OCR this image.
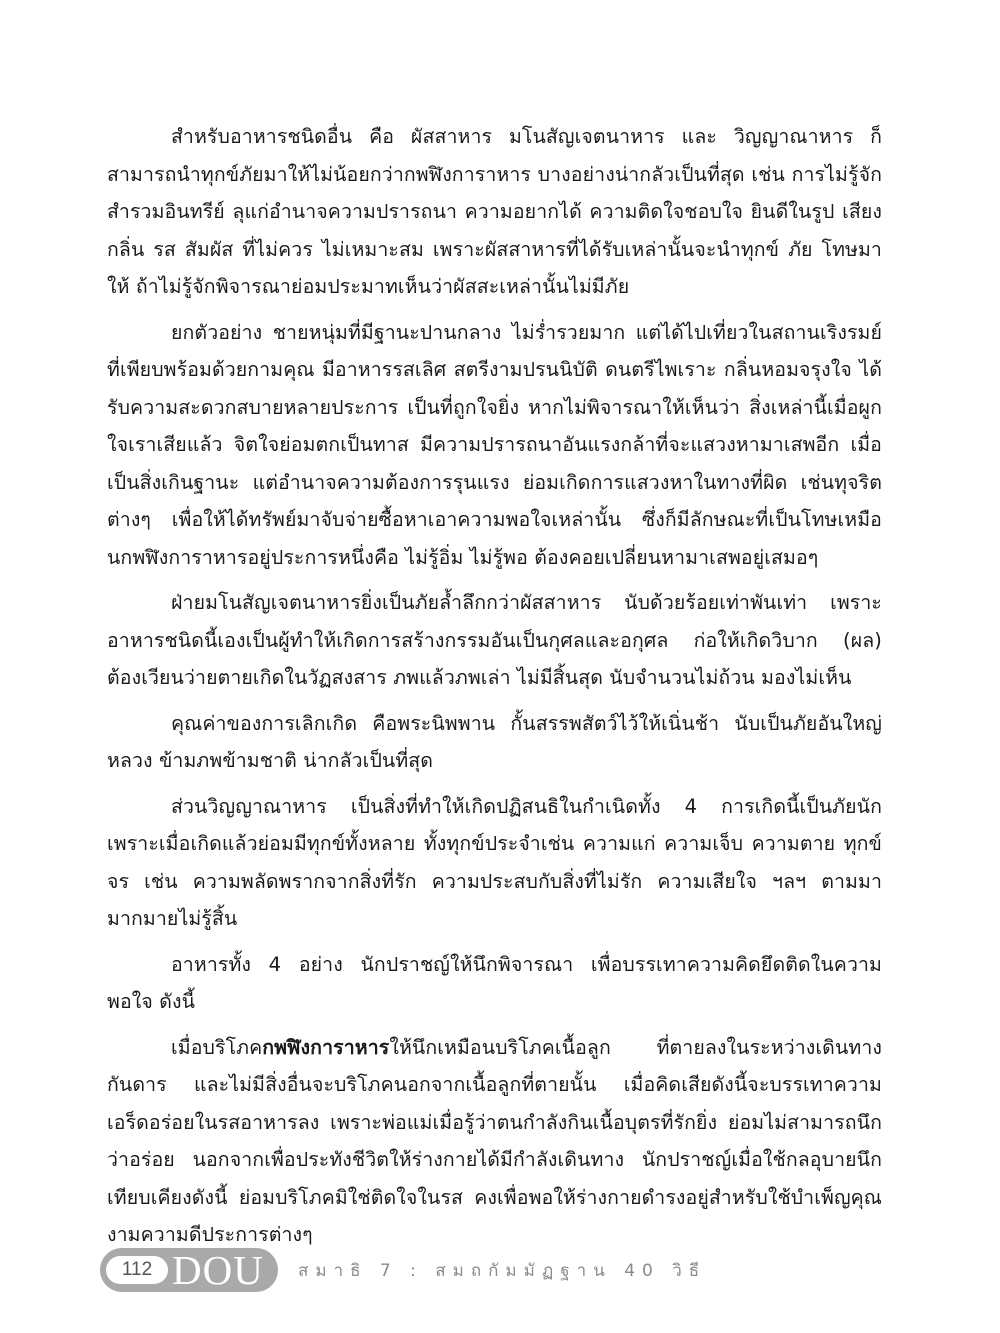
สำหรับอาหารชนิดอื่น คือ ผัสสาหาร มโนสัญเจตนาหาร และ วิญญาณาหาร ก็สามารถนำทุกข์ภัยมาให้ไม่น้อยกว่ากพฬิงการาหาร บางอย่างน่ากลัวเป็นที่สุด เช่น การไม่รู้จัก สำรวมอินทรีย์ ลุแก่อำนาจความปรารถนา ความอยากได้ ความติดใจชอบใจ ยินดีในรูป เสียง กลิ่น รส สัมผัส ที่ไม่ควร ไม่เหมาะสม เพราะผัสสาหารที่ได้รับเหล่านั้นจะนำทุกข์ ภัย โทษมาให้ ถ้าไม่รู้จักพิจารณาย่อมประมาทเห็นว่าผัสสะเหล่านั้นไม่มีภัย

ยกตัวอย่าง ชายหนุ่มที่มีฐานะปานกลาง ไม่ร่ำรวยมาก แต่ได้ไปเที่ยวในสถานเริงรมย์ที่เพียบพร้อมด้วยกามคุณ มีอาหารรสเลิศ สตรีงามปรนนิบัติ ดนตรีไพเราะ กลิ่นหอมจรุงใจ ได้รับความสะดวกสบายหลายประการ เป็นที่ถูกใจยิ่ง หากไม่พิจารณาให้เห็นว่า สิ่งเหล่านี้เมื่อผูกใจเราเสียแล้ว จิตใจย่อมตกเป็นทาส มีความปรารถนาอันแรงกล้าที่จะแสวงหามาเสพอีก เมื่อเป็นสิ่งเกินฐานะ แต่อำนาจความต้องการรุนแรง ย่อมเกิดการแสวงหาในทางที่ผิด เช่นทุจริตต่างๆ เพื่อให้ได้ทรัพย์มาจับจ่ายซื้อหาเอาความพอใจเหล่านั้น ซึ่งก็มีลักษณะที่เป็นโทษเหมือนกพฬิงการาหารอยู่ประการหนึ่งคือ ไม่รู้อิ่ม ไม่รู้พอ ต้องคอยเปลี่ยนหามาเสพอยู่เสมอๆ

ฝ่ายมโนสัญเจตนาหารยิ่งเป็นภัยล้ำลึกกว่าผัสสาหาร นับด้วยร้อยเท่าพันเท่า เพราะอาหารชนิดนี้เองเป็นผู้ทำให้เกิดการสร้างกรรมอันเป็นกุศลและอกุศล ก่อให้เกิดวิบาก (ผล) ต้องเวียนว่ายตายเกิดในวัฏสงสาร ภพแล้วภพเล่า ไม่มีสิ้นสุด นับจำนวนไม่ถ้วน มองไม่เห็น

คุณค่าของการเลิกเกิด คือพระนิพพาน กั้นสรรพสัตว์ไว้ให้เนิ่นช้า นับเป็นภัยอันใหญ่หลวง ข้ามภพข้ามชาติ น่ากลัวเป็นที่สุด

ส่วนวิญญาณาหาร เป็นสิ่งที่ทำให้เกิดปฏิสนธิในกำเนิดทั้ง 4 การเกิดนี้เป็นภัยนัก เพราะเมื่อเกิดแล้วย่อมมีทุกข์ทั้งหลาย ทั้งทุกข์ประจำเช่น ความแก่ ความเจ็บ ความตาย ทุกข์จร เช่น ความพลัดพรากจากสิ่งที่รัก ความประสบกับสิ่งที่ไม่รัก ความเสียใจ ฯลฯ ตามมามากมายไม่รู้สิ้น

อาหารทั้ง 4 อย่าง นักปราชญ์ให้นึกพิจารณา เพื่อบรรเทาความคิดยึดติดในความพอใจ ดังนี้

เมื่อบริโภคกพฬิงการาหารให้นึกเหมือนบริโภคเนื้อลูก ที่ตายลงในระหว่างเดินทางกันดาร และไม่มีสิ่งอื่นจะบริโภคนอกจากเนื้อลูกที่ตายนั้น เมื่อคิดเสียดังนี้จะบรรเทาความเอร็ดอร่อยในรสอาหารลง เพราะพ่อแม่เมื่อรู้ว่าตนกำลังกินเนื้อบุตรที่รักยิ่ง ย่อมไม่สามารถนึกว่าอร่อย นอกจากเพื่อประทังชีวิตให้ร่างกายได้มีกำลังเดินทาง นักปราชญ์เมื่อใช้กลอุบายนึกเทียบเคียงดังนี้ ย่อมบริโภคมิใช่ติดใจในรส คงเพื่อพอให้ร่างกายดำรงอยู่สำหรับใช้บำเพ็ญคุณงามความดีประการต่างๆ

112 DOU สมาธิ 7 : สมถกัมมัฏฐาน 40 วิธี
